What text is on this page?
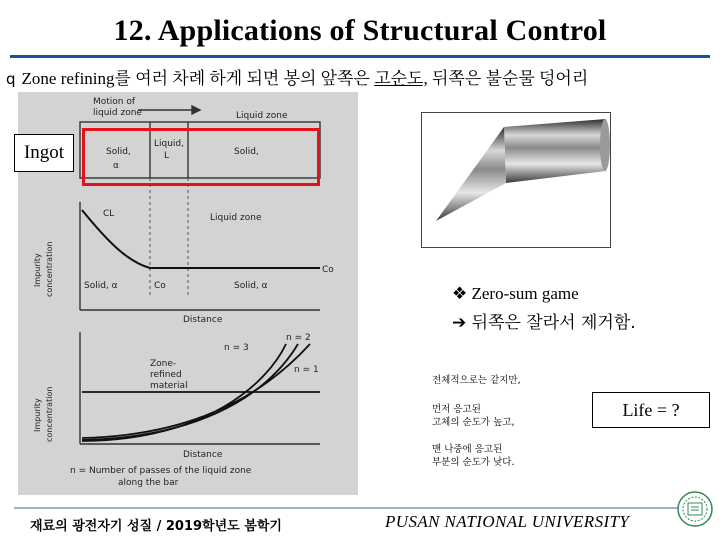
12. Applications of Structural Control
q Zone refining를 여러 차례 하게 되면 봉의 앞쪽은 고순도, 뒤쪽은 불순물 덩어리
Motion of
liquid zone	Liquid zone
Solid,
α
Liquid,
L	Solid,
CL	Liquid zone
Co
Impurity concentration	Solid, α	Co	Solid, α
Distance
n = 2
n = 3
n = 1
Zone-
refined
material
Impurity concentration
Distance
n = Number of passes of the liquid zone
along the bar
Ingot
❖ Zero-sum game
➔ 뒤쪽은 잘라서 제거함.
전체적으로는 같지만,
먼저 응고된
고체의 순도가 높고,
맨 나중에 응고된
부분의 순도가 낮다.
Life = ?
재료의 광전자기 성질 / 2019학년도 봄학기	PUSAN NATIONAL UNIVERSITY
